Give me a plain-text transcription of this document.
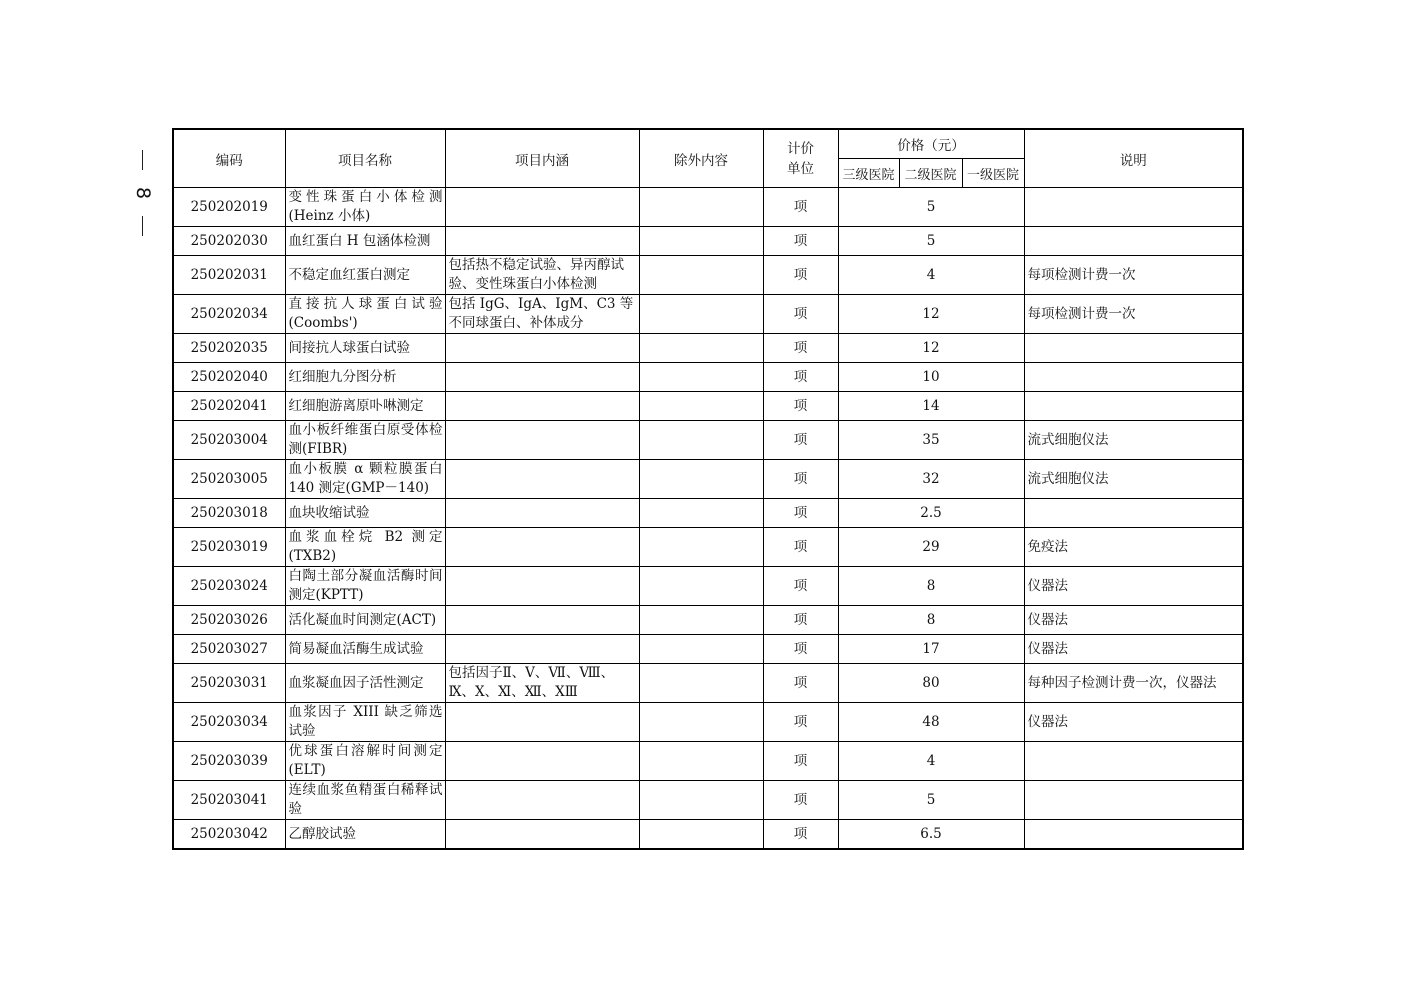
8
编码	项目名称	项目内涵	除外内容	计价单位	价格（元）			说明
					三级医院	二级医院	一级医院	
250202019	变性珠蛋白小体检测(Heinz 小体)			项	5			
250202030	血红蛋白 H 包涵体检测			项	5			
250202031	不稳定血红蛋白测定	包括热不稳定试验、异丙醇试验、变性珠蛋白小体检测		项	4			每项检测计费一次
250202034	直接抗人球蛋白试验(Coombs')	包括 IgG、IgA、IgM、C3 等不同球蛋白、补体成分		项	12			每项检测计费一次
250202035	间接抗人球蛋白试验			项	12			
250202040	红细胞九分图分析			项	10			
250202041	红细胞游离原卟啉测定			项	14			
250203004	血小板纤维蛋白原受体检测(FIBR)			项	35			流式细胞仪法
250203005	血小板膜 α 颗粒膜蛋白 140 测定(GMP－140)			项	32			流式细胞仪法
250203018	血块收缩试验			项	2.5			
250203019	血浆血栓烷 B2 测定(TXB2)			项	29			免疫法
250203024	白陶土部分凝血活酶时间测定(KPTT)			项	8			仪器法
250203026	活化凝血时间测定(ACT)			项	8			仪器法
250203027	简易凝血活酶生成试验			项	17			仪器法
250203031	血浆凝血因子活性测定	包括因子Ⅱ、Ⅴ、Ⅶ、Ⅷ、Ⅸ、Ⅹ、Ⅺ、Ⅻ、ⅩⅢ		项	80			每种因子检测计费一次，仪器法
250203034	血浆因子 XIII 缺乏筛选试验			项	48			仪器法
250203039	优球蛋白溶解时间测定(ELT)			项	4			
250203041	连续血浆鱼精蛋白稀释试验			项	5			
250203042	乙醇胶试验			项	6.5			
